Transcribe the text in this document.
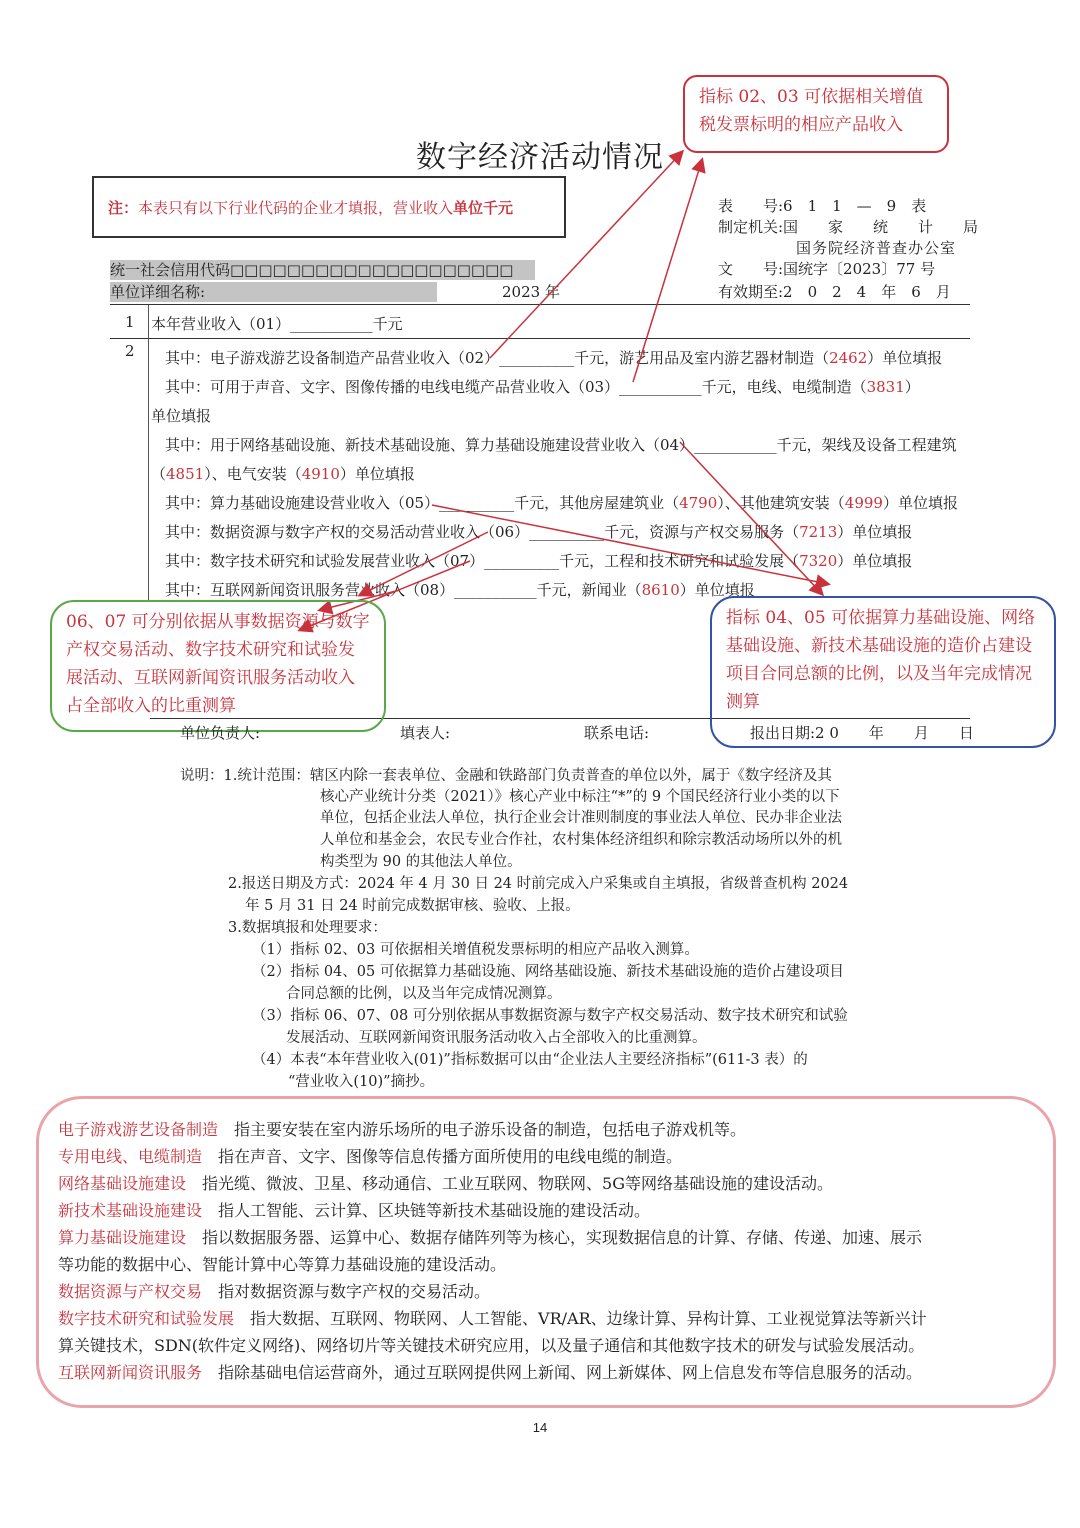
数字经济活动情况
注： 本表只有以下行业代码的企业才填报，营业收入 单位千元	表　　号:6　1　1　—　9　表
制定机关:国　　家　　统　　计　　局
国务院经济普查办公室
文　　号:国统字〔2023〕77 号
有效期至:2　0　2　4　年　6　月
统一社会信用代码□□□□□□□□□□□□□□□□□□□□
单位详细名称:	2023 年
1 本年营业收入（01）___________千元
2 其中：电子游戏游艺设备制造产品营业收入（02）__________千元，游艺用品及室内游艺器材制造（2462）单位填报
其中：可用于声音、文字、图像传播的电线电缆产品营业收入（03）___________千元，电线、电缆制造（3831）
单位填报
其中：用于网络基础设施、新技术基础设施、算力基础设施建设营业收入（04）___________千元，架线及设备工程建筑
（4851）、电气安装（4910）单位填报
其中：算力基础设施建设营业收入（05）__________千元，其他房屋建筑业（4790）、其他建筑安装（4999）单位填报
其中：数据资源与数字产权的交易活动营业收入（06）__________千元，资源与产权交易服务（7213）单位填报
其中：数字技术研究和试验发展营业收入（07）__________千元，工程和技术研究和试验发展（7320）单位填报
其中：互联网新闻资讯服务营业收入（08）___________千元，新闻业（8610）单位填报
指标 02、03 可依据相关增值税发票标明的相应产品收入
06、07 可分别依据从事数据资源与数字产权交易活动、数字技术研究和试验发展活动、互联网新闻资讯服务活动收入占全部收入的比重测算
指标 04、05 可依据算力基础设施、网络基础设施、新技术基础设施的造价占建设项目合同总额的比例，以及当年完成情况测算
单位负责人:	填表人:	联系电话:	报出日期:2 0　　年　　月　　日
说明：1.统计范围：辖区内除一套表单位、金融和铁路部门负责普查的单位以外，属于《数字经济及其
核心产业统计分类（2021）》核心产业中标注“*”的 9 个国民经济行业小类的以下
单位，包括企业法人单位，执行企业会计准则制度的事业法人单位、民办非企业法
人单位和基金会，农民专业合作社，农村集体经济组织和除宗教活动场所以外的机
构类型为 90 的其他法人单位。
2.报送日期及方式：2024 年 4 月 30 日 24 时前完成入户采集或自主填报，省级普查机构 2024
年 5 月 31 日 24 时前完成数据审核、验收、上报。
3.数据填报和处理要求：
（1）指标 02、03 可依据相关增值税发票标明的相应产品收入测算。
（2）指标 04、05 可依据算力基础设施、网络基础设施、新技术基础设施的造价占建设项目
合同总额的比例，以及当年完成情况测算。
（3）指标 06、07、08 可分别依据从事数据资源与数字产权交易活动、数字技术研究和试验
发展活动、互联网新闻资讯服务活动收入占全部收入的比重测算。
（4）本表“本年营业收入(01)”指标数据可以由“企业法人主要经济指标”(611-3 表）的
“营业收入(10)”摘抄。
电子游戏游艺设备制造　指主要安装在室内游乐场所的电子游乐设备的制造，包括电子游戏机等。
专用电线、电缆制造　指在声音、文字、图像等信息传播方面所使用的电线电缆的制造。
网络基础设施建设　指光缆、微波、卫星、移动通信、工业互联网、物联网、5G等网络基础设施的建设活动。
新技术基础设施建设　指人工智能、云计算、区块链等新技术基础设施的建设活动。
算力基础设施建设　指以数据服务器、运算中心、数据存储阵列等为核心，实现数据信息的计算、存储、传递、加速、展示
等功能的数据中心、智能计算中心等算力基础设施的建设活动。
数据资源与产权交易　指对数据资源与数字产权的交易活动。
数字技术研究和试验发展　指大数据、互联网、物联网、人工智能、VR/AR、边缘计算、异构计算、工业视觉算法等新兴计
算关键技术，SDN(软件定义网络)、网络切片等关键技术研究应用，以及量子通信和其他数字技术的研发与试验发展活动。
互联网新闻资讯服务　指除基础电信运营商外，通过互联网提供网上新闻、网上新媒体、网上信息发布等信息服务的活动。
14
